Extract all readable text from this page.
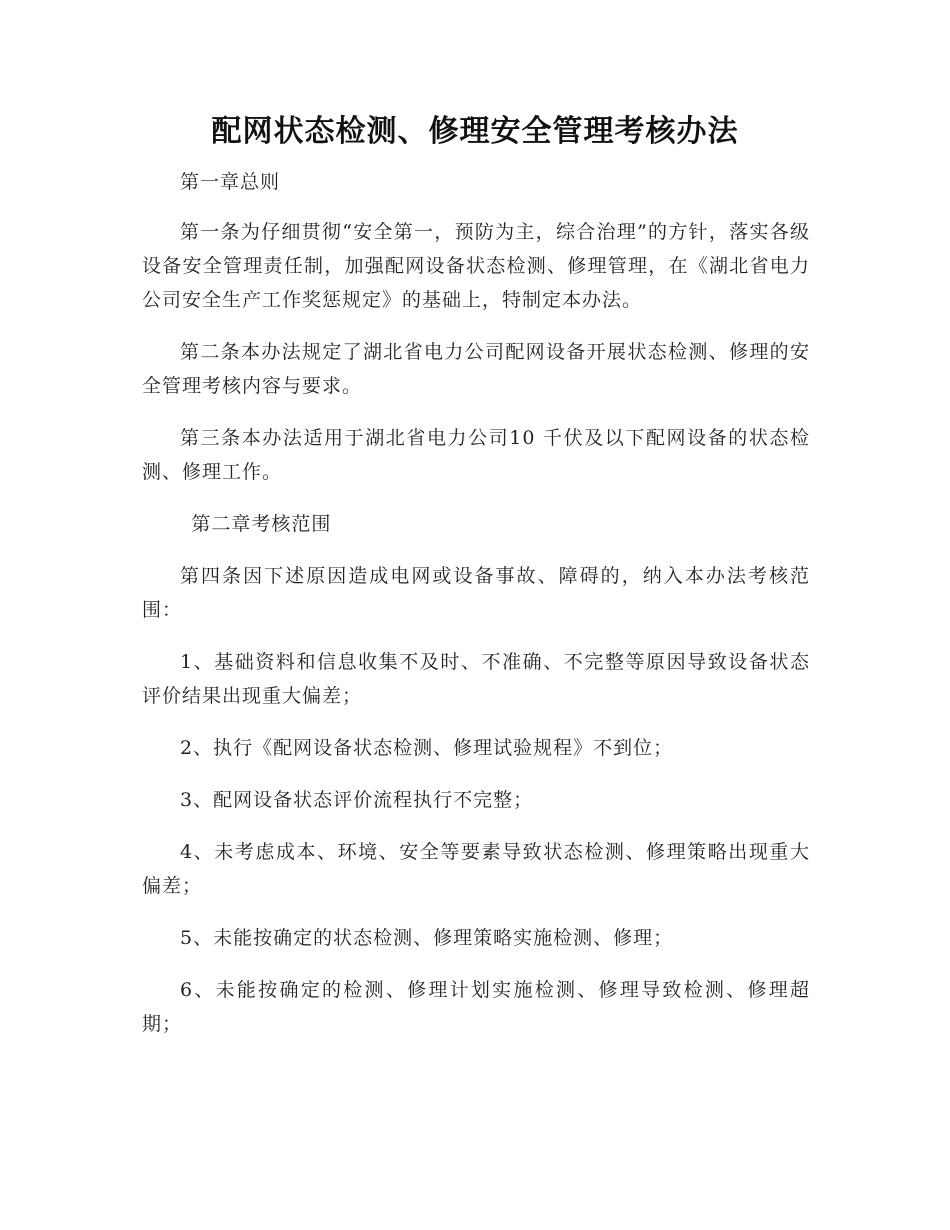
配网状态检测、修理安全管理考核办法

第一章总则

第一条为仔细贯彻“安全第一，预防为主，综合治理”的方针，落实各级设备安全管理责任制，加强配网设备状态检测、修理管理，在《湖北省电力公司安全生产工作奖惩规定》的基础上，特制定本办法。

第二条本办法规定了湖北省电力公司配网设备开展状态检测、修理的安全管理考核内容与要求。

第三条本办法适用于湖北省电力公司10 千伏及以下配网设备的状态检测、修理工作。

第二章考核范围

第四条因下述原因造成电网或设备事故、障碍的，纳入本办法考核范围：

1、基础资料和信息收集不及时、不准确、不完整等原因导致设备状态评价结果出现重大偏差；

2、执行《配网设备状态检测、修理试验规程》不到位；

3、配网设备状态评价流程执行不完整；

4、未考虑成本、环境、安全等要素导致状态检测、修理策略出现重大偏差；

5、未能按确定的状态检测、修理策略实施检测、修理；

6、未能按确定的检测、修理计划实施检测、修理导致检测、修理超期；
